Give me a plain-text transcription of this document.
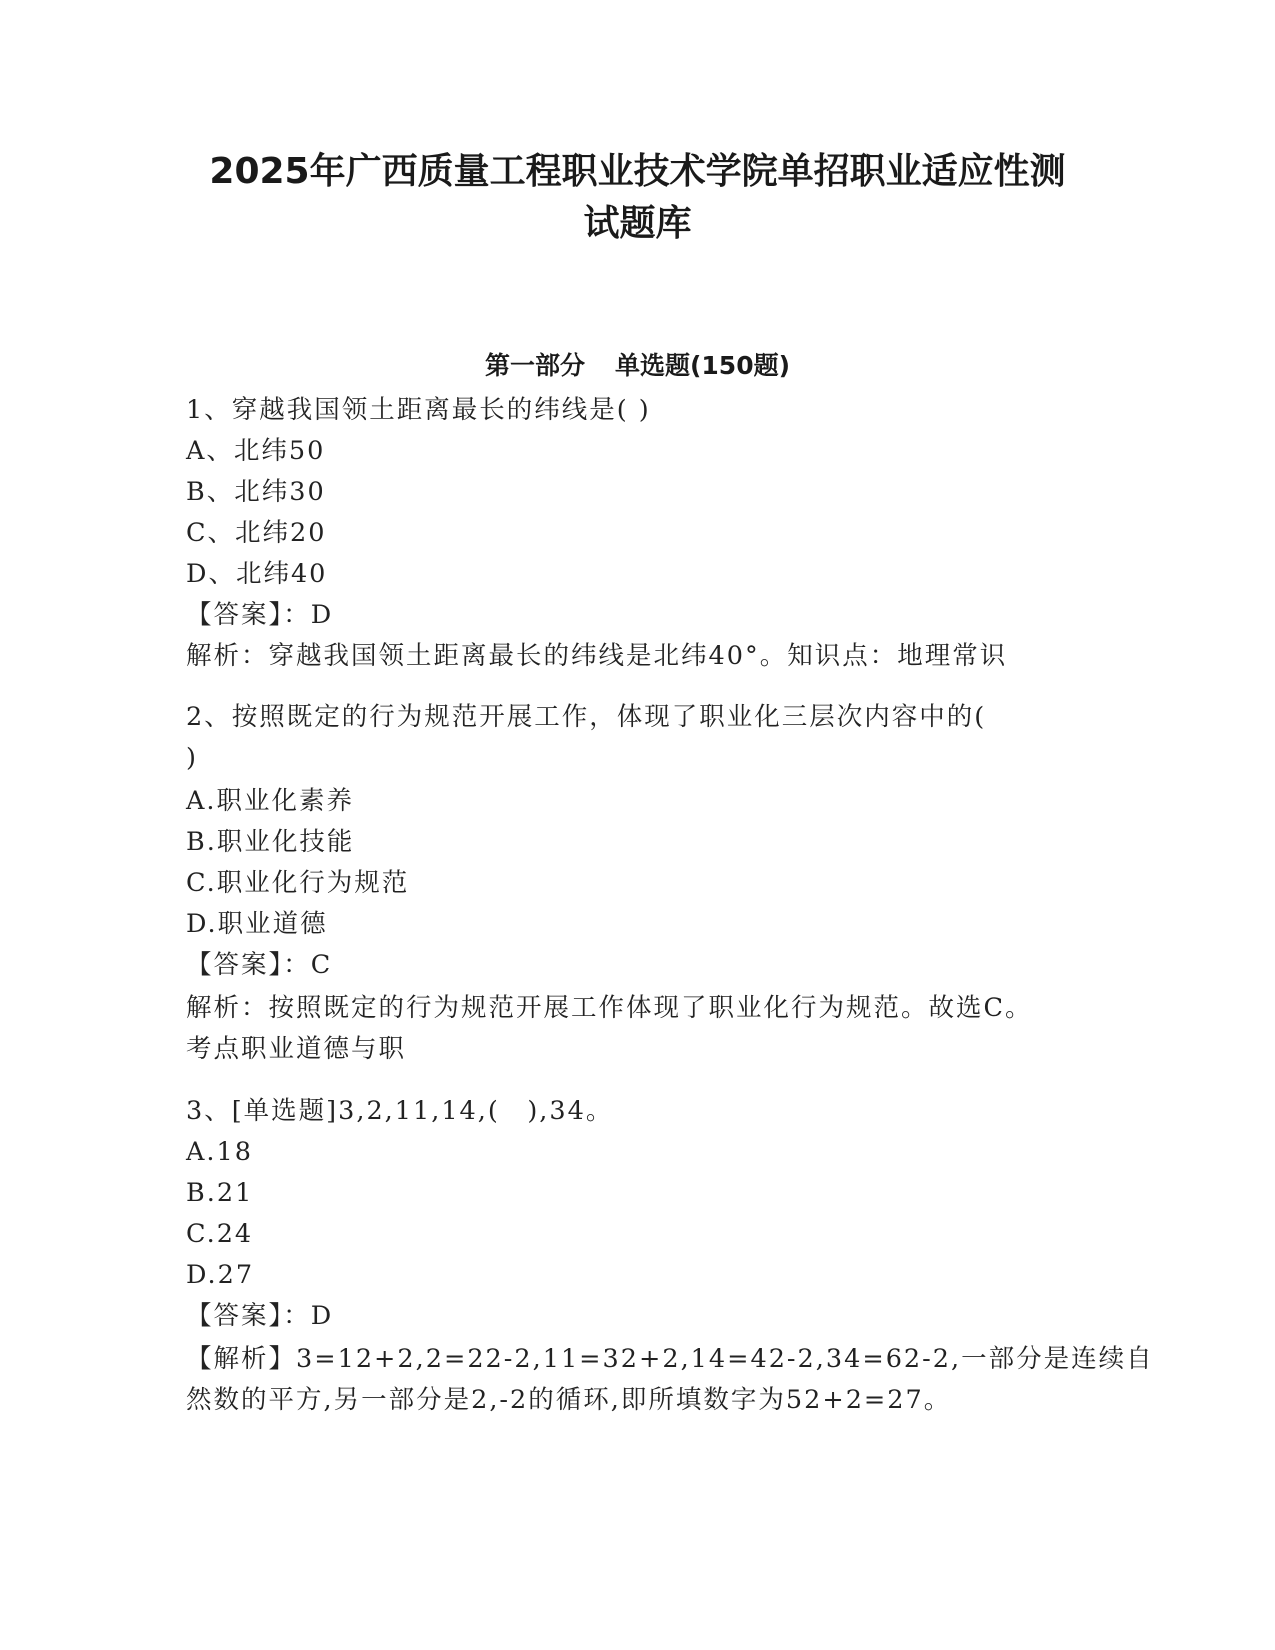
2025年广西质量工程职业技术学院单招职业适应性测
试题库
第一部分 单选题(150题)
1、穿越我国领土距离最长的纬线是( )
A、北纬50
B、北纬30
C、北纬20
D、北纬40
【答案】：D
解析：穿越我国领土距离最长的纬线是北纬40°。知识点：地理常识
2、按照既定的行为规范开展工作，体现了职业化三层次内容中的(
)
A.职业化素养
B.职业化技能
C.职业化行为规范
D.职业道德
【答案】：C
解析：按照既定的行为规范开展工作体现了职业化行为规范。故选C。
考点职业道德与职
3、[单选题]3,2,11,14,(　),34。
A.18
B.21
C.24
D.27
【答案】：D
【解析】3=12+2,2=22-2,11=32+2,14=42-2,34=62-2,一部分是连续自
然数的平方,另一部分是2,-2的循环,即所填数字为52+2=27。
